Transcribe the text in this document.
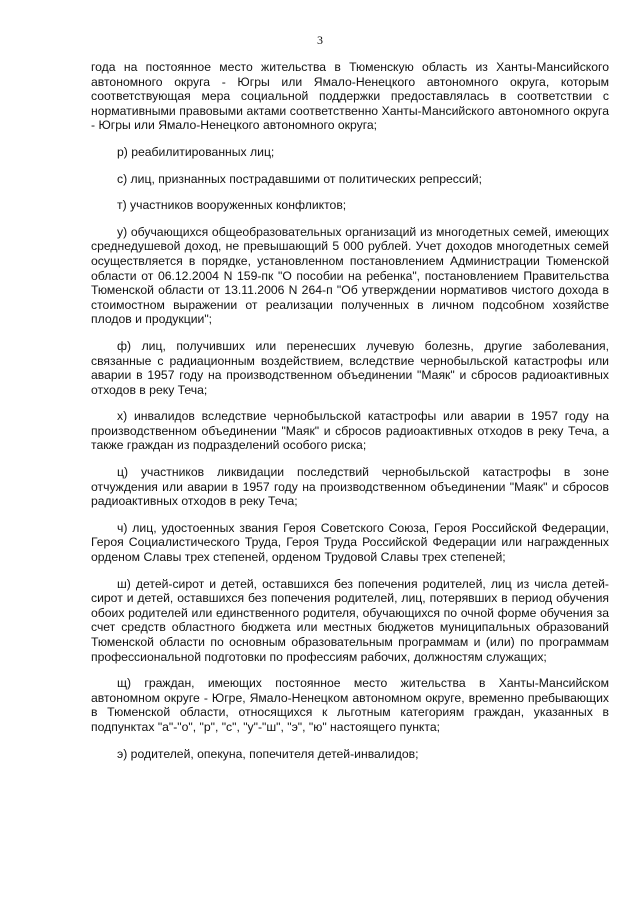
3

года на постоянное место жительства в Тюменскую область из Ханты-Мансийского автономного округа - Югры или Ямало-Ненецкого автономного округа, которым соответствующая мера социальной поддержки предоставлялась в соответствии с нормативными правовыми актами соответственно Ханты-Мансийского автономного округа - Югры или Ямало-Ненецкого автономного округа;

р) реабилитированных лиц;

с) лиц, признанных пострадавшими от политических репрессий;

т) участников вооруженных конфликтов;

у) обучающихся общеобразовательных организаций из многодетных семей, имеющих среднедушевой доход, не превышающий 5 000 рублей. Учет доходов многодетных семей осуществляется в порядке, установленном постановлением Администрации Тюменской области от 06.12.2004 N 159-пк "О пособии на ребенка", постановлением Правительства Тюменской области от 13.11.2006 N 264-п "Об утверждении нормативов чистого дохода в стоимостном выражении от реализации полученных в личном подсобном хозяйстве плодов и продукции";

ф) лиц, получивших или перенесших лучевую болезнь, другие заболевания, связанные с радиационным воздействием, вследствие чернобыльской катастрофы или аварии в 1957 году на производственном объединении "Маяк" и сбросов радиоактивных отходов в реку Теча;

х) инвалидов вследствие чернобыльской катастрофы или аварии в 1957 году на производственном объединении "Маяк" и сбросов радиоактивных отходов в реку Теча, а также граждан из подразделений особого риска;

ц) участников ликвидации последствий чернобыльской катастрофы в зоне отчуждения или аварии в 1957 году на производственном объединении "Маяк" и сбросов радиоактивных отходов в реку Теча;

ч) лиц, удостоенных звания Героя Советского Союза, Героя Российской Федерации, Героя Социалистического Труда, Героя Труда Российской Федерации или награжденных орденом Славы трех степеней, орденом Трудовой Славы трех степеней;

ш) детей-сирот и детей, оставшихся без попечения родителей, лиц из числа детей-сирот и детей, оставшихся без попечения родителей, лиц, потерявших в период обучения обоих родителей или единственного родителя, обучающихся по очной форме обучения за счет средств областного бюджета или местных бюджетов муниципальных образований Тюменской области по основным образовательным программам и (или) по программам профессиональной подготовки по профессиям рабочих, должностям служащих;

щ) граждан, имеющих постоянное место жительства в Ханты-Мансийском автономном округе - Югре, Ямало-Ненецком автономном округе, временно пребывающих в Тюменской области, относящихся к льготным категориям граждан, указанных в подпунктах "а"-"о", "р", "с", "у"-"ш", "э", "ю" настоящего пункта;

э) родителей, опекуна, попечителя детей-инвалидов;
